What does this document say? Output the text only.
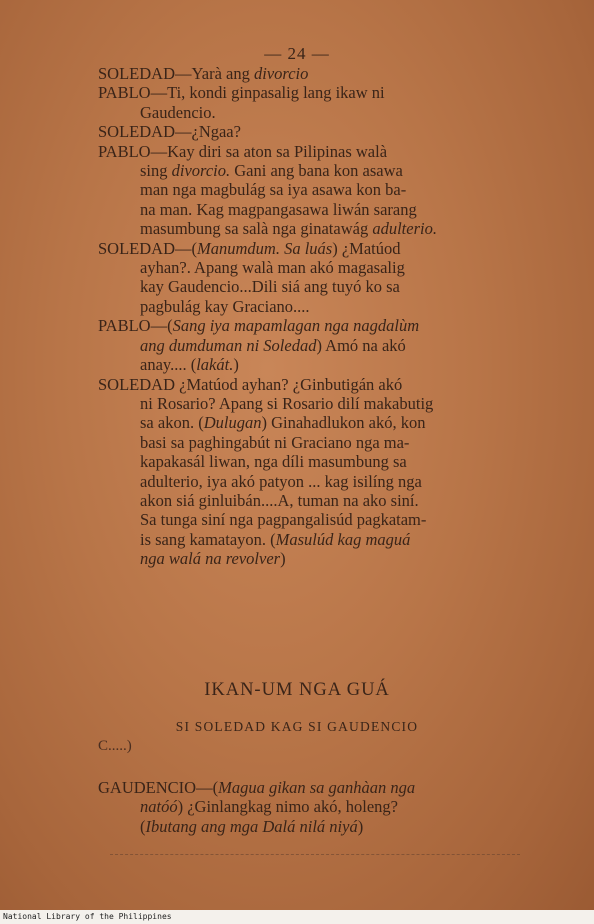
— 24 —
SOLEDAD—Yarà ang divorcio
PABLO—Ti, kondi ginpasalig lang ikaw ni
Gaudencio.
SOLEDAD—¿Ngaa?
PABLO—Kay diri sa aton sa Pilipinas walà
sing divorcio. Gani ang bana kon asawa
man nga magbulág sa iya asawa kon ba-
na man. Kag magpangasawa liwán sarang
masumbung sa salà nga ginatawág adulterio.
SOLEDAD—(Manumdum. Sa luás) ¿Matúod
ayhan?. Apang walà man akó magasalig
kay Gaudencio...Dili siá ang tuyó ko sa
pagbulág kay Graciano....
PABLO—(Sang iya mapamlagan nga nagdalùm
ang dumduman ni Soledad) Amó na akó
anay.... (lakát.)
SOLEDAD ¿Matúod ayhan? ¿Ginbutigán akó
ni Rosario? Apang si Rosario dilí makabutig
sa akon. (Dulugan) Ginahadlukon akó, kon
basi sa paghingabút ni Graciano nga ma-
kapakasál liwan, nga díli masumbung sa
adulterio, iya akó patyon ... kag isilíng nga
akon siá ginluibán....A, tuman na ako siní.
Sa tunga siní nga pagpangalisúd pagkatam-
is sang kamatayon. (Masulúd kag maguá
nga walá na revolver)
IKAN-UM NGA GUÁ
SI SOLEDAD KAG SI GAUDENCIO
C.....)
GAUDENCIO—(Magua gikan sa ganhàan nga
natóó) ¿Ginlangkag nimo akó, holeng?
(Ibutang ang mga Dalá nilá niyá)
National Library of the Philippines
